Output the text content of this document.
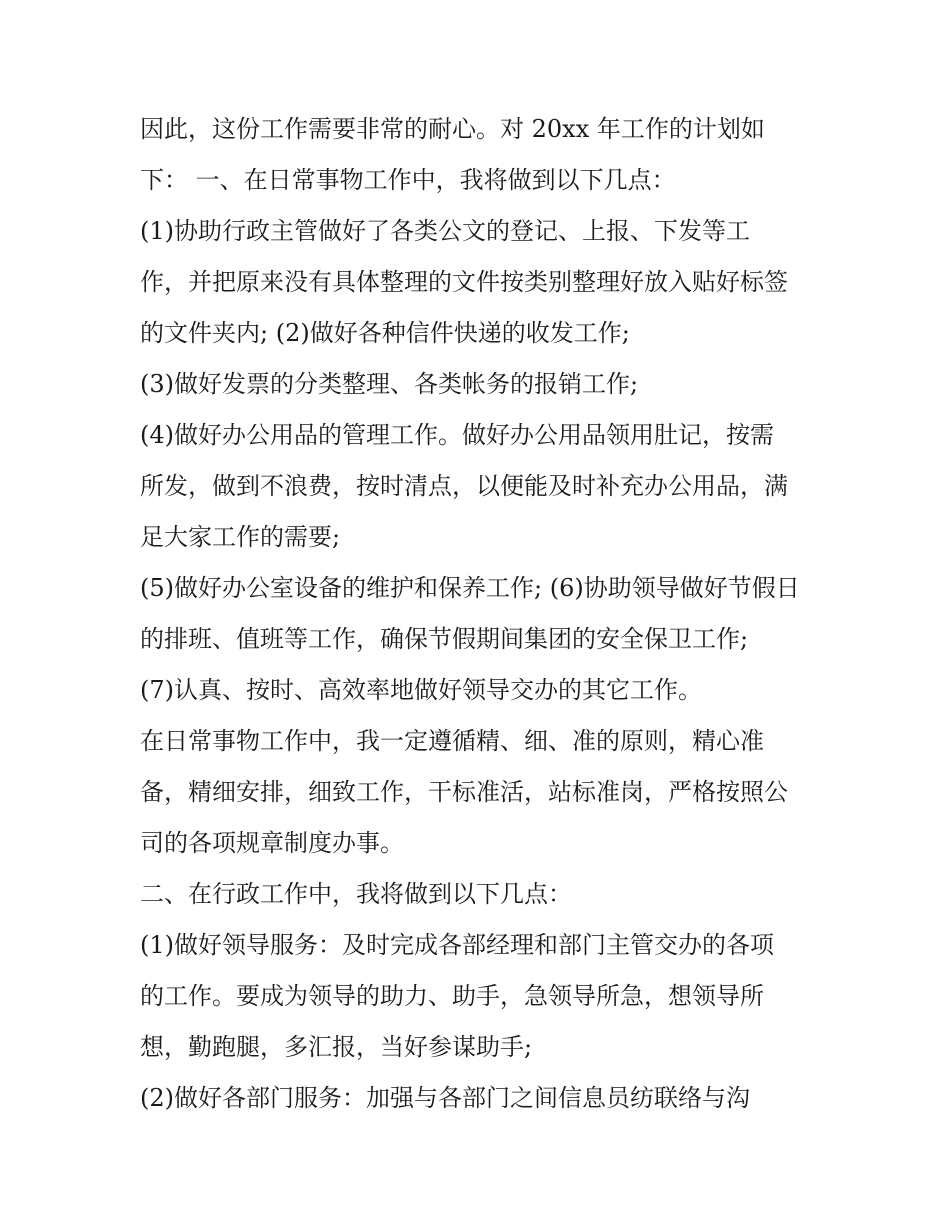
因此，这份工作需要非常的耐心。对 20xx 年工作的计划如
下： 一、在日常事物工作中，我将做到以下几点：
(1)协助行政主管做好了各类公文的登记、上报、下发等工
作，并把原来没有具体整理的文件按类别整理好放入贴好标签
的文件夹内; (2)做好各种信件快递的收发工作;
(3)做好发票的分类整理、各类帐务的报销工作;
(4)做好办公用品的管理工作。做好办公用品领用肚记，按需
所发，做到不浪费，按时清点，以便能及时补充办公用品，满
足大家工作的需要;
(5)做好办公室设备的维护和保养工作; (6)协助领导做好节假日
的排班、值班等工作，确保节假期间集团的安全保卫工作;
(7)认真、按时、高效率地做好领导交办的其它工作。
在日常事物工作中，我一定遵循精、细、准的原则，精心准
备，精细安排，细致工作，干标准活，站标准岗，严格按照公
司的各项规章制度办事。
二、在行政工作中，我将做到以下几点：
(1)做好领导服务：及时完成各部经理和部门主管交办的各项
的工作。要成为领导的助力、助手，急领导所急，想领导所
想，勤跑腿，多汇报，当好参谋助手;
(2)做好各部门服务：加强与各部门之间信息员纺联络与沟
